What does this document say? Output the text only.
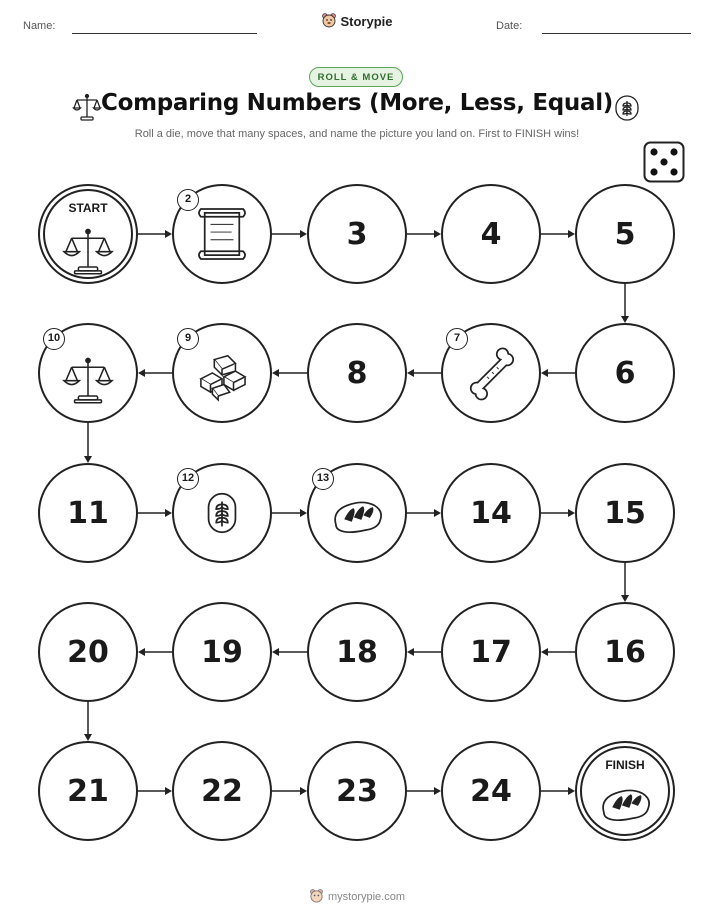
Name:	Date:
Storypie
ROLL & MOVE
Comparing Numbers (More, Less, Equal)
Roll a die, move that many spaces, and name the picture you land on. First to FINISH wins!
START
2
3	4	5
6
7
8
9
10
11
12	13
14	15
16
17
18
19
20
21	22	23	24
FINISH
mystorypie.com
